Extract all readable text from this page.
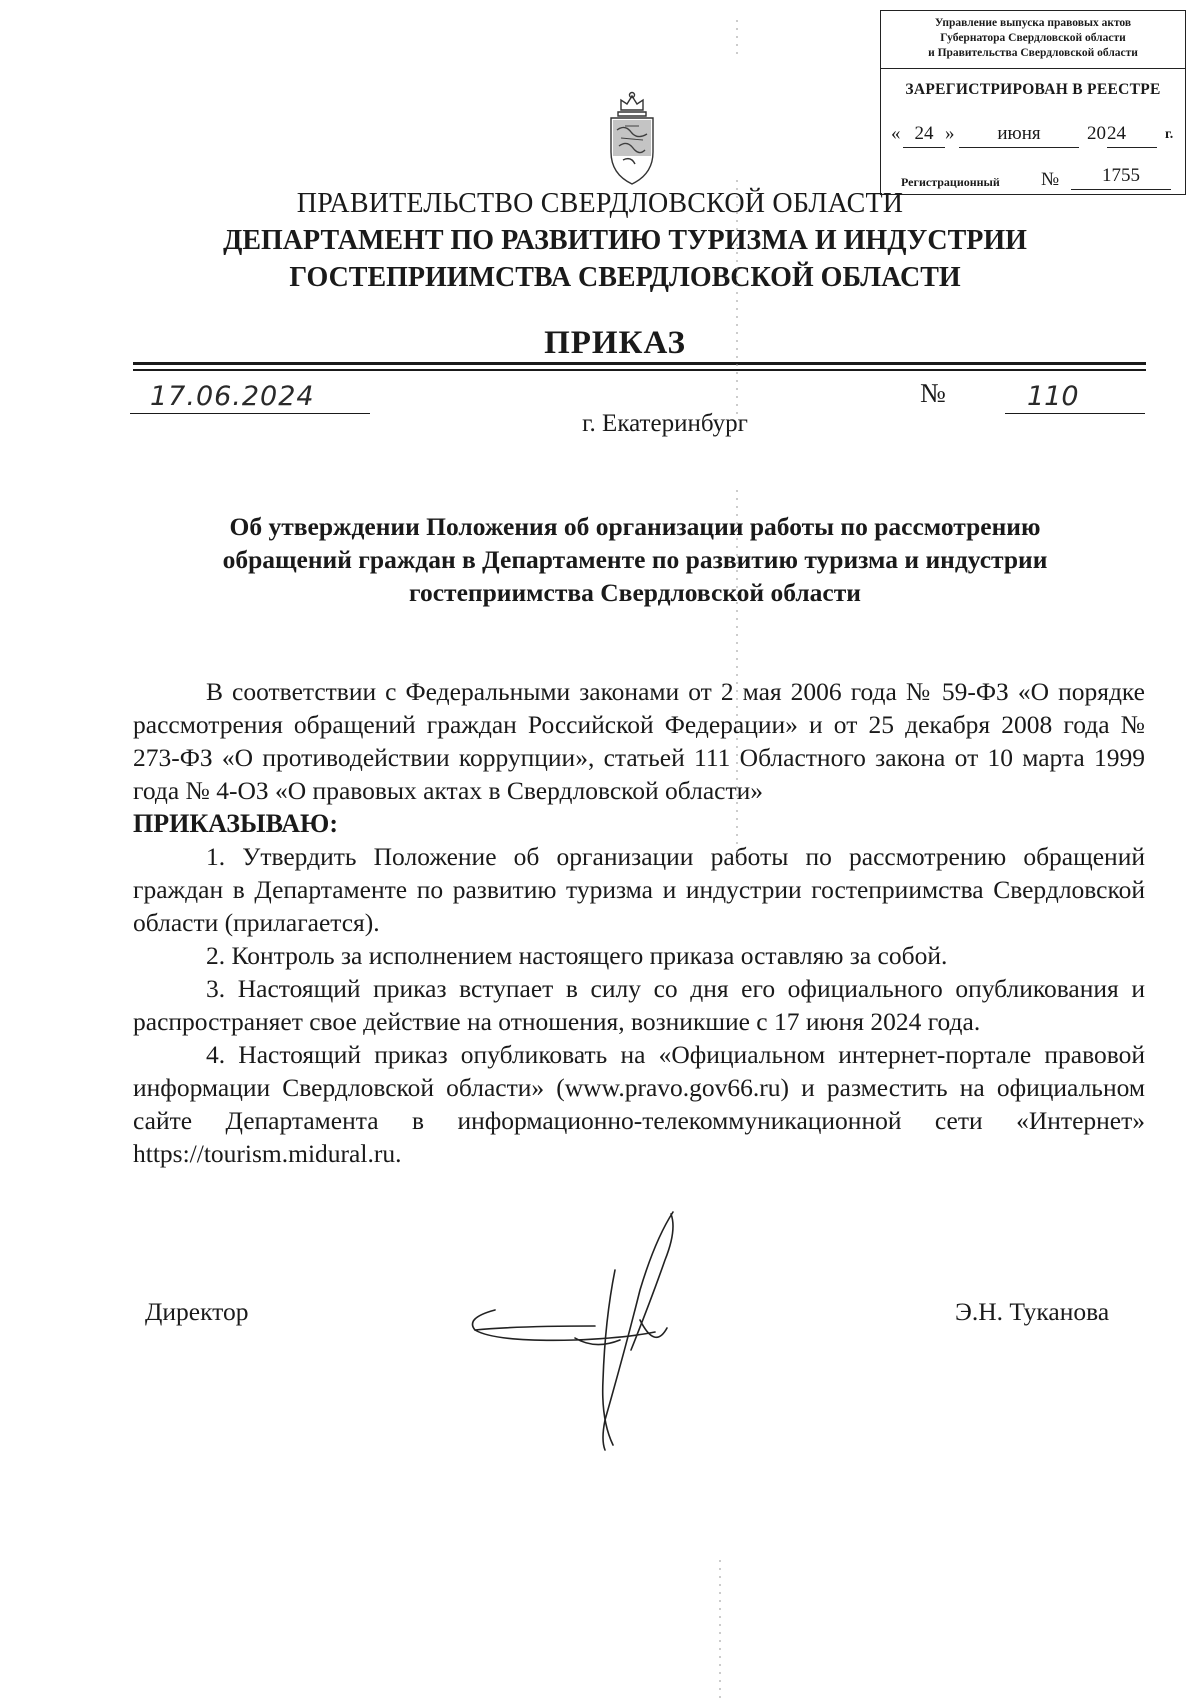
Управление выпуска правовых актов
Губернатора Свердловской области
и Правительства Свердловской области
ЗАРЕГИСТРИРОВАН В РЕЕСТРЕ
« 24 »	июня	20 24	г.
Регистрационный №	1755
ПРАВИТЕЛЬСТВО СВЕРДЛОВСКОЙ ОБЛАСТИ
ДЕПАРТАМЕНТ ПО РАЗВИТИЮ ТУРИЗМА И ИНДУСТРИИ
ГОСТЕПРИИМСТВА СВЕРДЛОВСКОЙ ОБЛАСТИ
ПРИКАЗ
17.06.2024	№	110
г. Екатеринбург
Об утверждении Положения об организации работы по рассмотрению
обращений граждан в Департаменте по развитию туризма и индустрии
гостеприимства Свердловской области

В соответствии с Федеральными законами от 2 мая 2006 года № 59-ФЗ «О порядке рассмотрения обращений граждан Российской Федерации» и от 25 декабря 2008 года № 273-ФЗ «О противодействии коррупции», статьей 111 Областного закона от 10 марта 1999 года № 4-ОЗ «О правовых актах в Свердловской области»

ПРИКАЗЫВАЮ:

1. Утвердить Положение об организации работы по рассмотрению обращений граждан в Департаменте по развитию туризма и индустрии гостеприимства Свердловской области (прилагается).

2. Контроль за исполнением настоящего приказа оставляю за собой.

3. Настоящий приказ вступает в силу со дня его официального опубликования и распространяет свое действие на отношения, возникшие с 17 июня 2024 года.

4. Настоящий приказ опубликовать на «Официальном интернет-портале правовой информации Свердловской области» (www.pravo.gov66.ru) и разместить на официальном сайте Департамента в информационно-телекоммуникационной сети «Интернет» https://tourism.midural.ru.

Директор	Э.Н. Туканова
